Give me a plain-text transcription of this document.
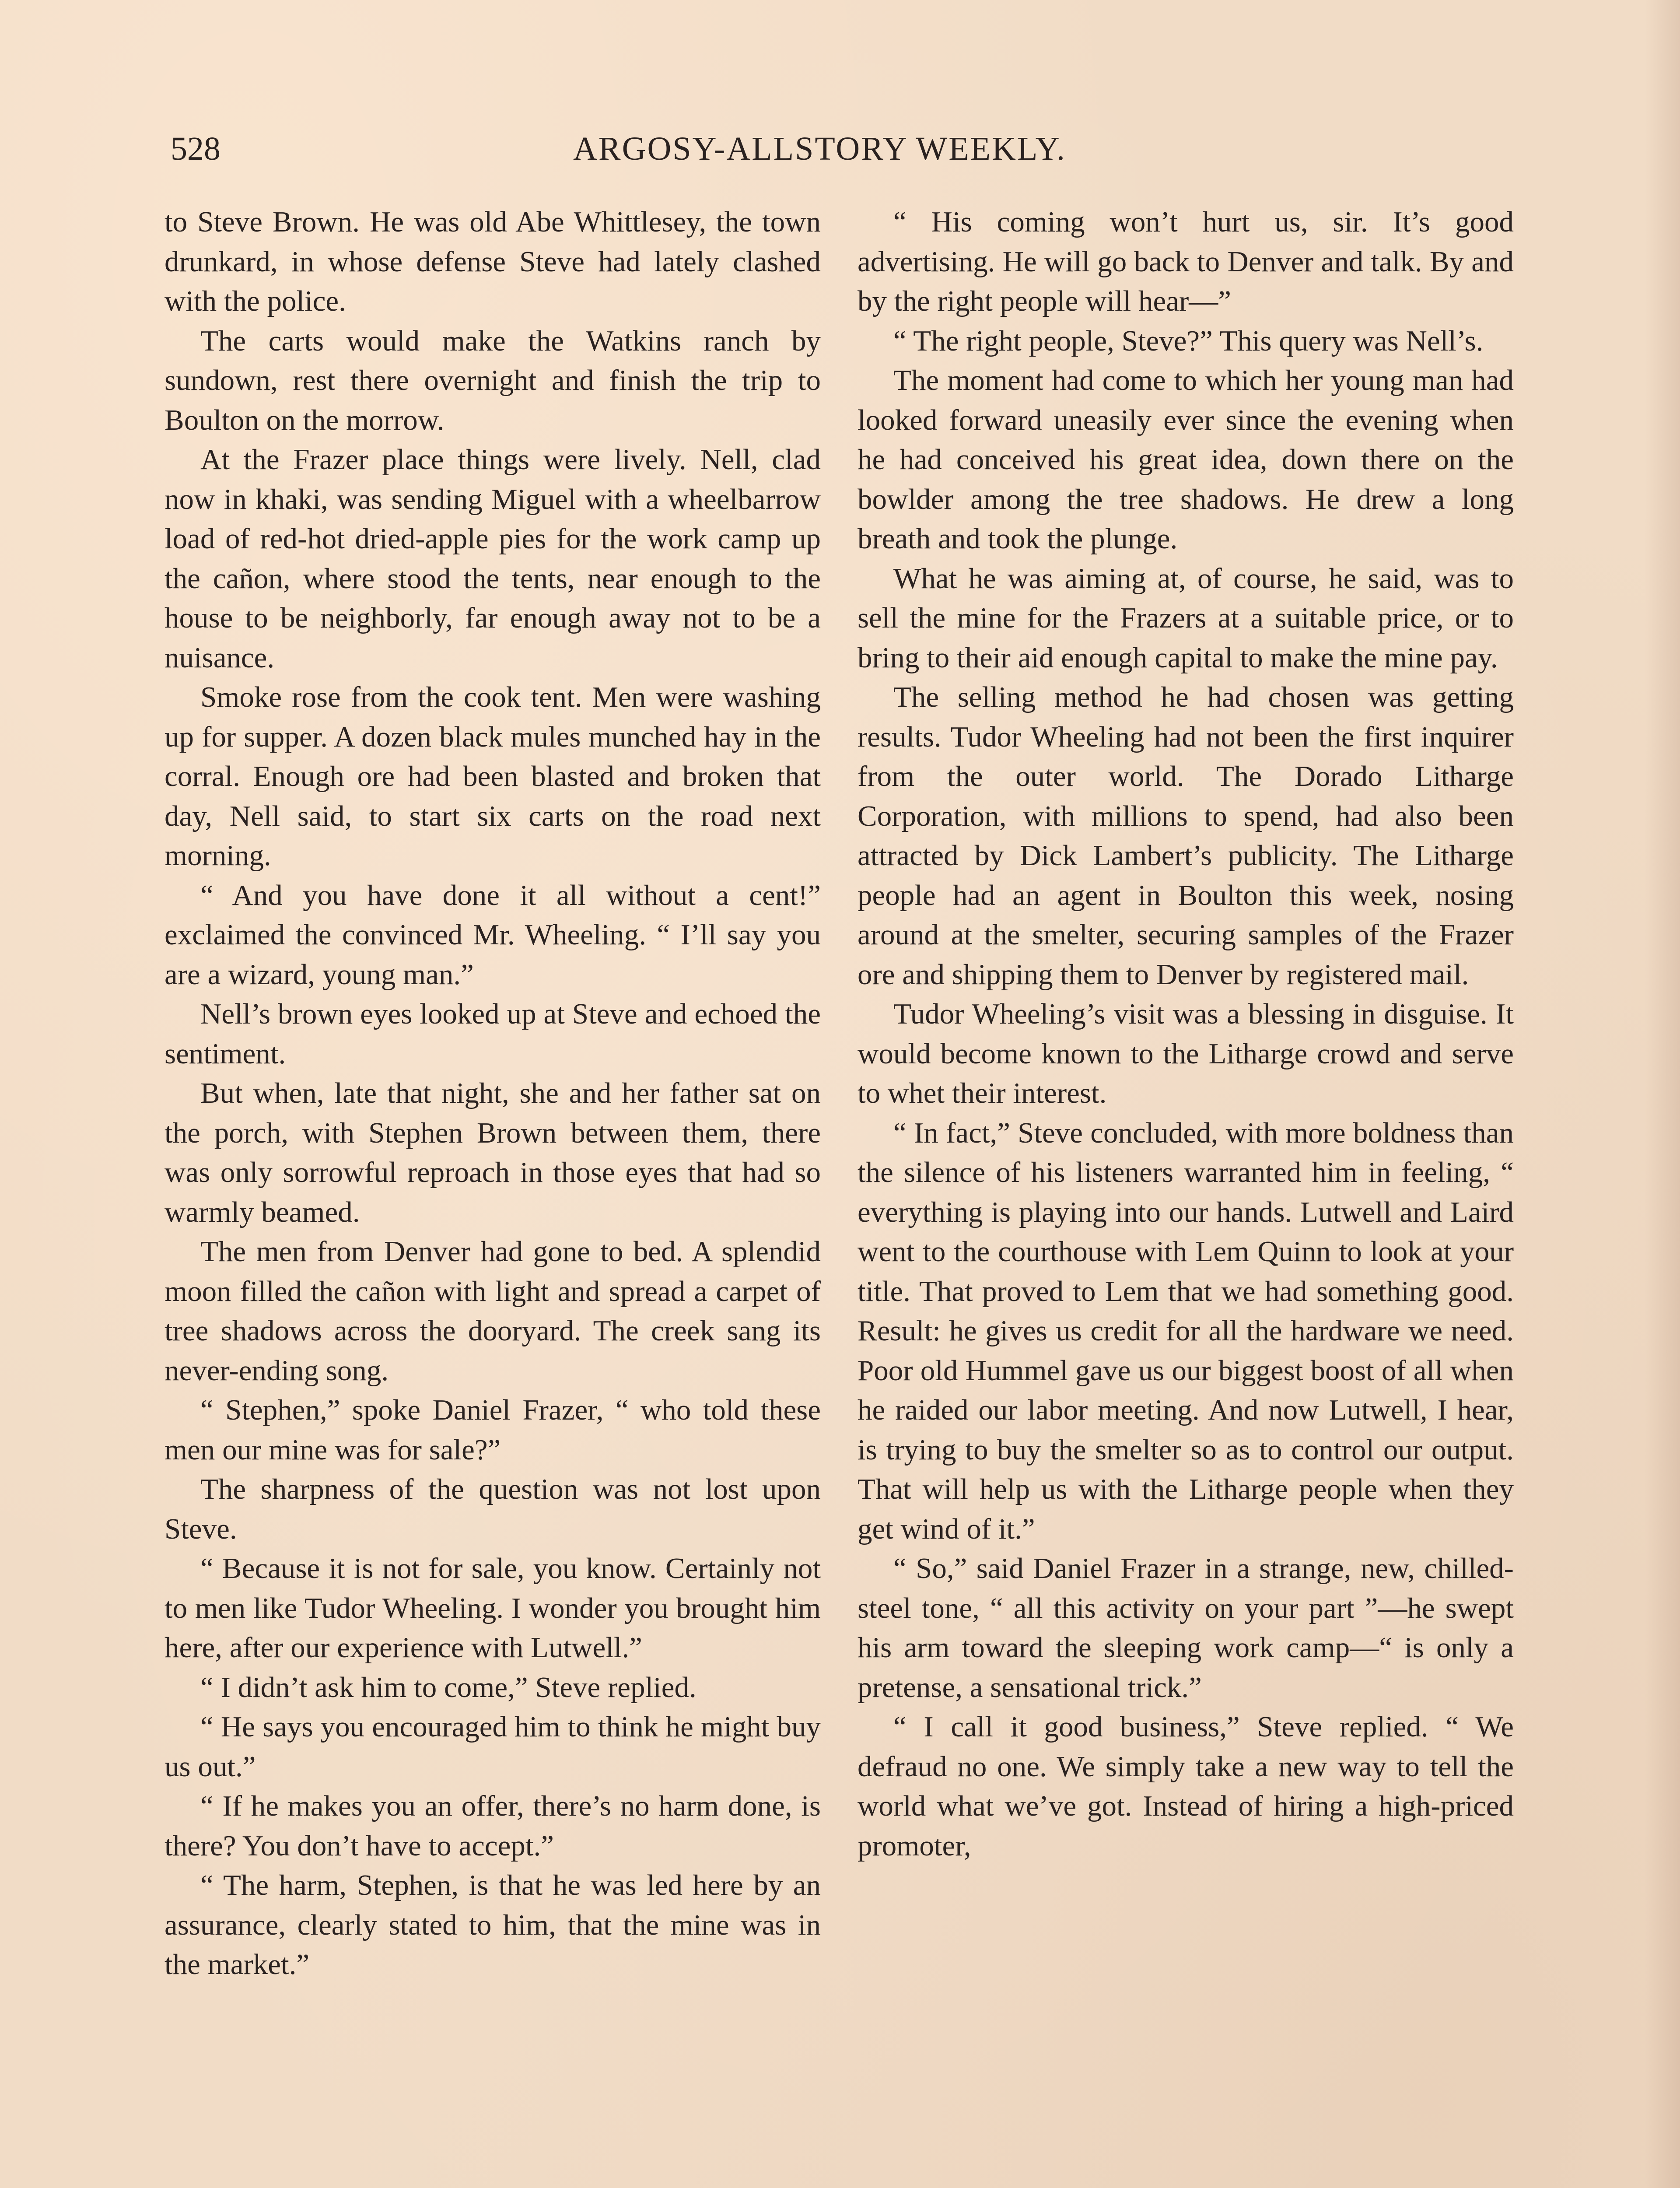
528	ARGOSY-ALLSTORY WEEKLY.

to Steve Brown. He was old Abe Whittlesey, the town drunkard, in whose defense Steve had lately clashed with the police.

The carts would make the Watkins ranch by sundown, rest there overnight and finish the trip to Boulton on the morrow.

At the Frazer place things were lively. Nell, clad now in khaki, was sending Miguel with a wheelbarrow load of red-hot dried-apple pies for the work camp up the cañon, where stood the tents, near enough to the house to be neighborly, far enough away not to be a nuisance.

Smoke rose from the cook tent. Men were washing up for supper. A dozen black mules munched hay in the corral. Enough ore had been blasted and broken that day, Nell said, to start six carts on the road next morning.

“ And you have done it all without a cent!” exclaimed the convinced Mr. Wheeling. “ I’ll say you are a wizard, young man.”

Nell’s brown eyes looked up at Steve and echoed the sentiment.

But when, late that night, she and her father sat on the porch, with Stephen Brown between them, there was only sorrowful reproach in those eyes that had so warmly beamed.

The men from Denver had gone to bed. A splendid moon filled the cañon with light and spread a carpet of tree shadows across the dooryard. The creek sang its never-ending song.

“ Stephen,” spoke Daniel Frazer, “ who told these men our mine was for sale?”

The sharpness of the question was not lost upon Steve.

“ Because it is not for sale, you know. Certainly not to men like Tudor Wheeling. I wonder you brought him here, after our experience with Lutwell.”

“ I didn’t ask him to come,” Steve replied.

“ He says you encouraged him to think he might buy us out.”

“ If he makes you an offer, there’s no harm done, is there? You don’t have to accept.”

“ The harm, Stephen, is that he was led here by an assurance, clearly stated to him, that the mine was in the market.”

“ His coming won’t hurt us, sir. It’s good advertising. He will go back to Denver and talk. By and by the right people will hear—”

“ The right people, Steve?” This query was Nell’s.

The moment had come to which her young man had looked forward uneasily ever since the evening when he had conceived his great idea, down there on the bowlder among the tree shadows. He drew a long breath and took the plunge.

What he was aiming at, of course, he said, was to sell the mine for the Frazers at a suitable price, or to bring to their aid enough capital to make the mine pay.

The selling method he had chosen was getting results. Tudor Wheeling had not been the first inquirer from the outer world. The Dorado Litharge Corporation, with millions to spend, had also been attracted by Dick Lambert’s publicity. The Litharge people had an agent in Boulton this week, nosing around at the smelter, securing samples of the Frazer ore and shipping them to Denver by registered mail.

Tudor Wheeling’s visit was a blessing in disguise. It would become known to the Litharge crowd and serve to whet their interest.

“ In fact,” Steve concluded, with more boldness than the silence of his listeners warranted him in feeling, “ everything is playing into our hands. Lutwell and Laird went to the courthouse with Lem Quinn to look at your title. That proved to Lem that we had something good. Result: he gives us credit for all the hardware we need. Poor old Hummel gave us our biggest boost of all when he raided our labor meeting. And now Lutwell, I hear, is trying to buy the smelter so as to control our output. That will help us with the Litharge people when they get wind of it.”

“ So,” said Daniel Frazer in a strange, new, chilled-steel tone, “ all this activity on your part ”—he swept his arm toward the sleeping work camp—“ is only a pretense, a sensational trick.”

“ I call it good business,” Steve replied. “ We defraud no one. We simply take a new way to tell the world what we’ve got. Instead of hiring a high-priced promoter,
